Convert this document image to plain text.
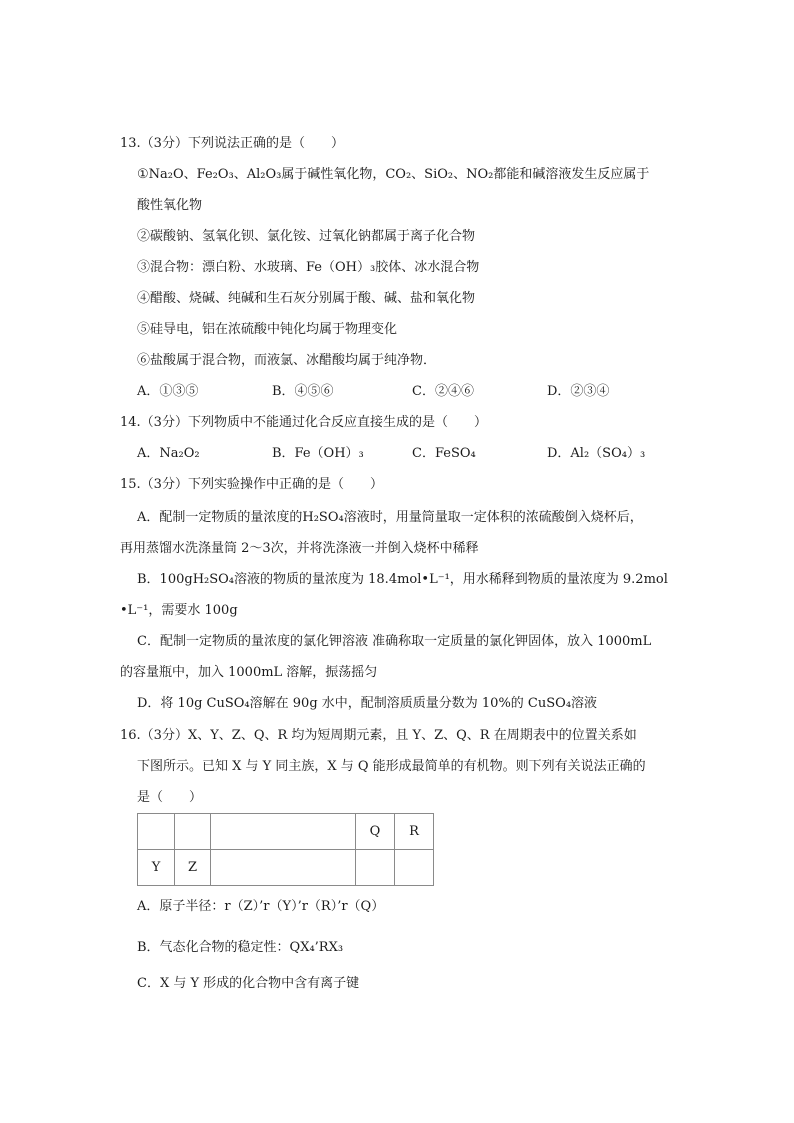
13.（3分）下列说法正确的是（　　）
①Na₂O、Fe₂O₃、Al₂O₃属于碱性氧化物，CO₂、SiO₂、NO₂都能和碱溶液发生反应属于
酸性氧化物
②碳酸钠、氢氧化钡、氯化铵、过氧化钠都属于离子化合物
③混合物：漂白粉、水玻璃、Fe（OH）₃胶体、冰水混合物
④醋酸、烧碱、纯碱和生石灰分别属于酸、碱、盐和氧化物
⑤硅导电，铝在浓硫酸中钝化均属于物理变化
⑥盐酸属于混合物，而液氯、冰醋酸均属于纯净物．
A．①③⑤	B．④⑤⑥	C．②④⑥	D．②③④
14.（3分）下列物质中不能通过化合反应直接生成的是（　　）
A．Na₂O₂	B．Fe（OH）₃	C．FeSO₄	D．Al₂（SO₄）₃
15.（3分）下列实验操作中正确的是（　　）
A．配制一定物质的量浓度的H₂SO₄溶液时，用量筒量取一定体积的浓硫酸倒入烧杯后，
再用蒸馏水洗涤量筒 2～3次，并将洗涤液一并倒入烧杯中稀释
B．100gH₂SO₄溶液的物质的量浓度为 18.4mol•L⁻¹，用水稀释到物质的量浓度为 9.2mol
•L⁻¹，需要水 100g
C．配制一定物质的量浓度的氯化钾溶液 准确称取一定质量的氯化钾固体，放入 1000mL
的容量瓶中，加入 1000mL 溶解，振荡摇匀
D．将 10g CuSO₄溶解在 90g 水中，配制溶质质量分数为 10%的 CuSO₄溶液
16.（3分）X、Y、Z、Q、R 均为短周期元素，且 Y、Z、Q、R 在周期表中的位置关系如
下图所示。已知 X 与 Y 同主族，X 与 Q 能形成最简单的有机物。则下列有关说法正确的
是（　　）
			Q	R
Y	Z			
A．原子半径：r（Z）’r（Y）’r（R）’r（Q）
B．气态化合物的稳定性：QX₄’RX₃
C．X 与 Y 形成的化合物中含有离子键
